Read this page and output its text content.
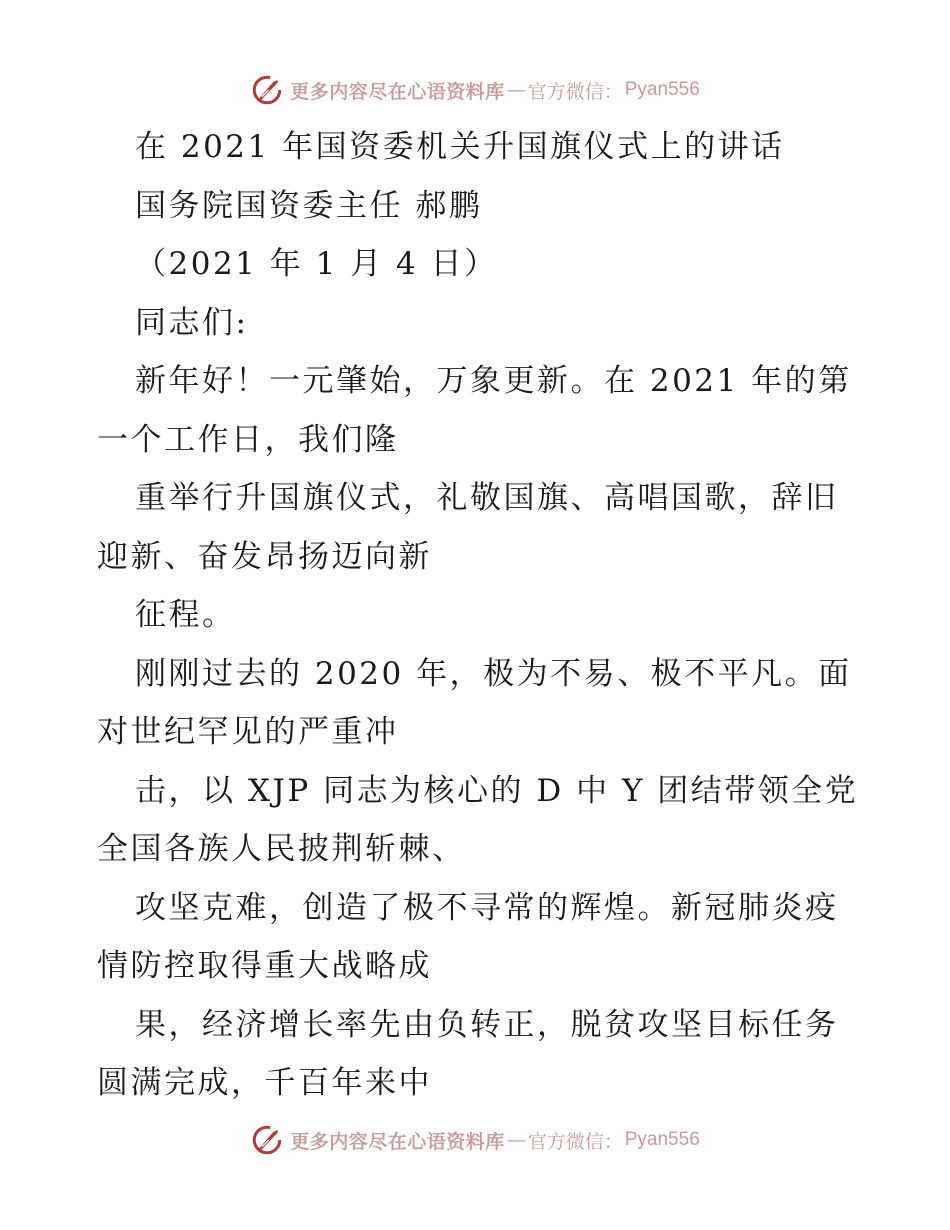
更多内容尽在心语资料库 — 官方微信： Pyan556
在 2021 年国资委机关升国旗仪式上的讲话
国务院国资委主任 郝鹏
（2021 年 1 月 4 日）
同志们:
新年好！一元肇始，万象更新。在 2021 年的第
一个工作日，我们隆
重举行升国旗仪式，礼敬国旗、高唱国歌，辞旧
迎新、奋发昂扬迈向新
征程。
刚刚过去的 2020 年，极为不易、极不平凡。面
对世纪罕见的严重冲
击，以 XJP 同志为核心的 D 中 Y 团结带领全党
全国各族人民披荆斩棘、
攻坚克难，创造了极不寻常的辉煌。新冠肺炎疫
情防控取得重大战略成
果，经济增长率先由负转正，脱贫攻坚目标任务
圆满完成，千百年来中
更多内容尽在心语资料库 — 官方微信： Pyan556
